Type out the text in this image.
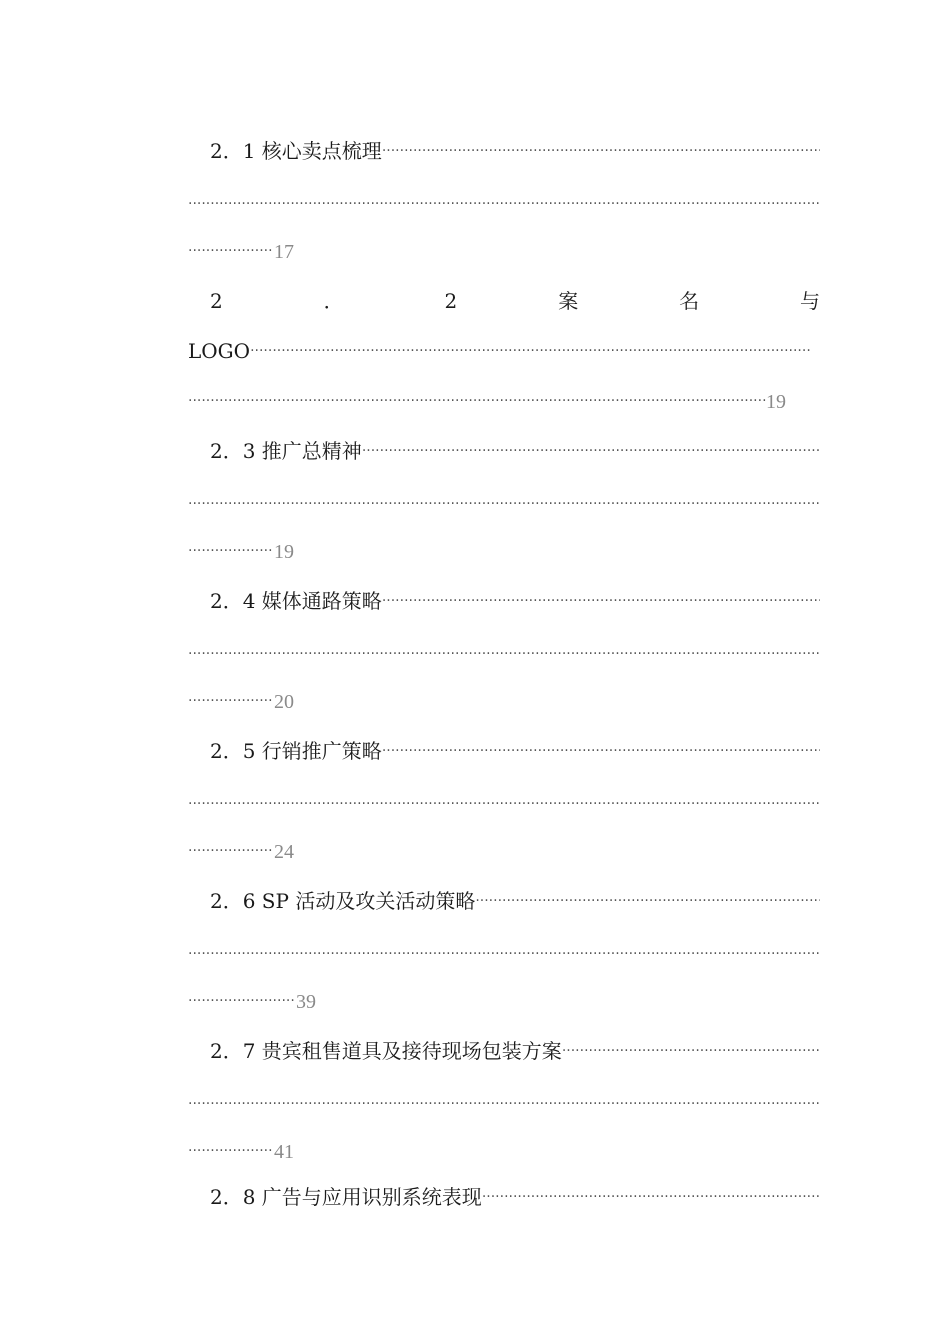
2．1 核心卖点梳理
·····
·····
·····17
2	．	2	案	名	与
LOGO·····
·····19
2．3 推广总精神
·····
·····
·····19
2．4 媒体通路策略
·····
·····
·····20
2．5 行销推广策略
·····
·····
·····24
2．6 SP 活动及攻关活动策略
·····
·····
·····39
2．7 贵宾租售道具及接待现场包装方案
·····
·····
·····41
2．8 广告与应用识别系统表现
·····
